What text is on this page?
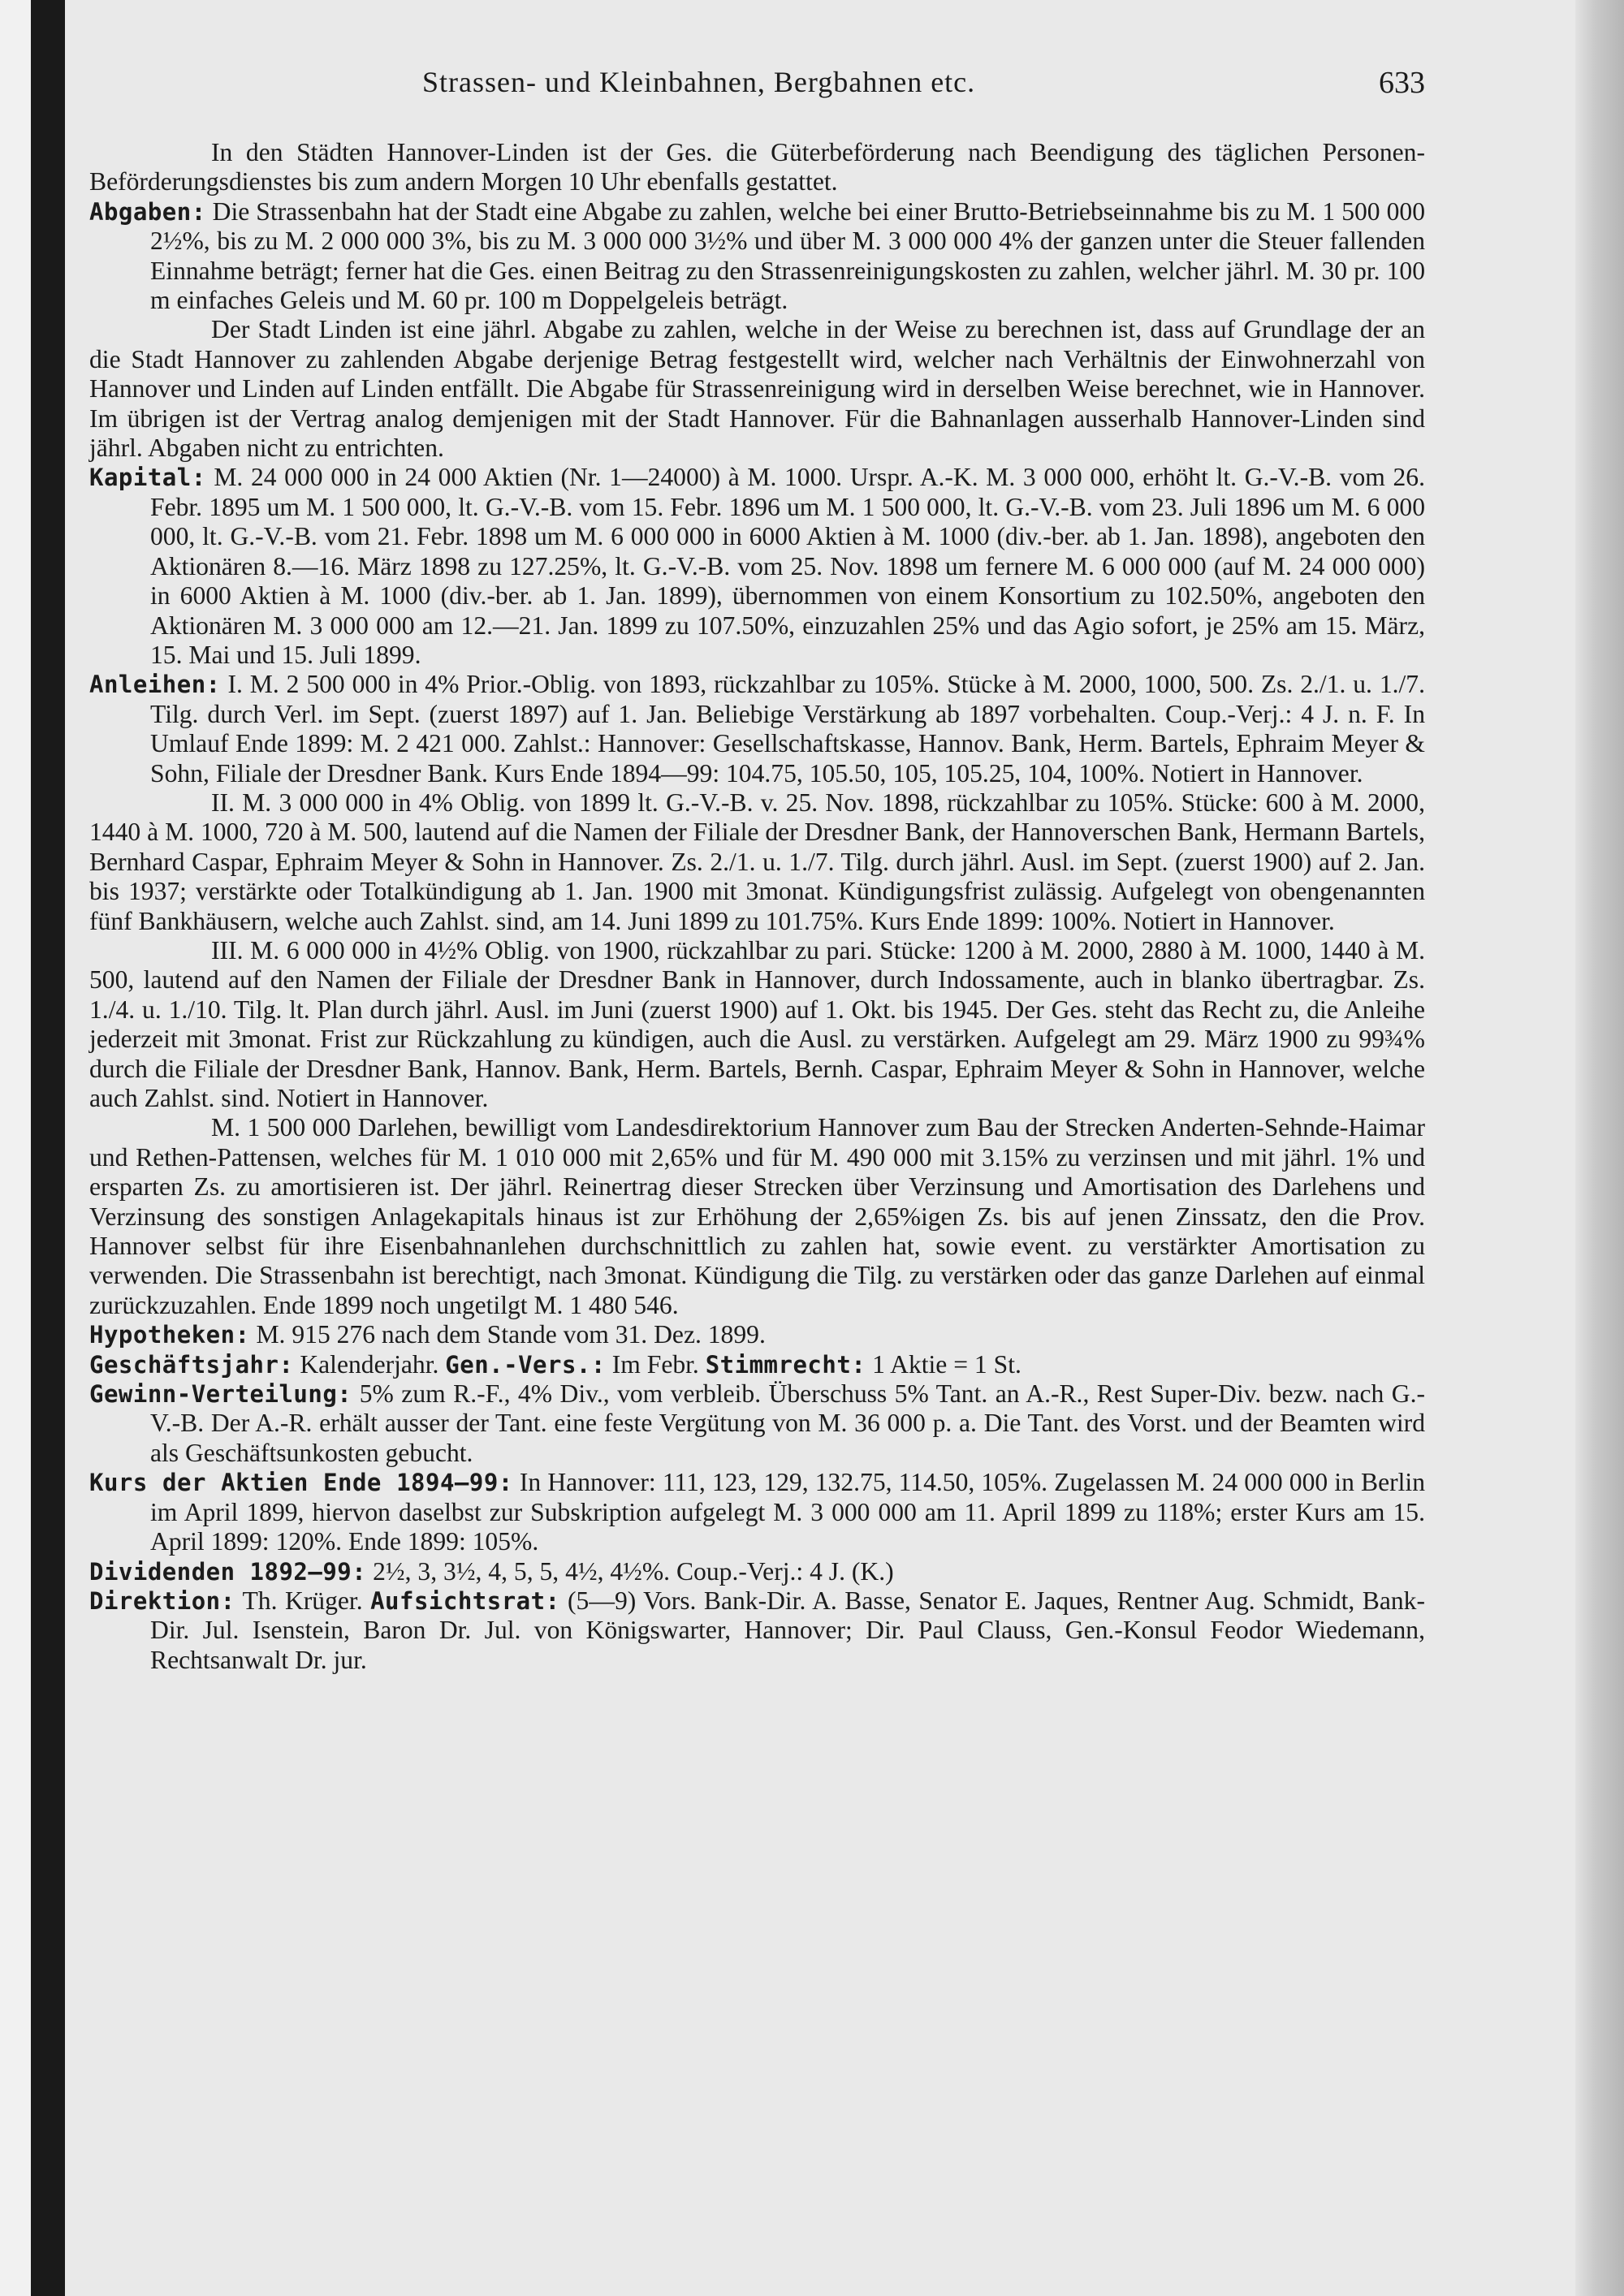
Strassen- und Kleinbahnen, Bergbahnen etc.	633

In den Städten Hannover-Linden ist der Ges. die Güterbeförderung nach Beendigung des täglichen Personen-Beförderungsdienstes bis zum andern Morgen 10 Uhr ebenfalls gestattet.

Abgaben: Die Strassenbahn hat der Stadt eine Abgabe zu zahlen, welche bei einer Brutto-Betriebseinnahme bis zu M. 1 500 000 2½%, bis zu M. 2 000 000 3%, bis zu M. 3 000 000 3½% und über M. 3 000 000 4% der ganzen unter die Steuer fallenden Einnahme beträgt; ferner hat die Ges. einen Beitrag zu den Strassenreinigungskosten zu zahlen, welcher jährl. M. 30 pr. 100 m einfaches Geleis und M. 60 pr. 100 m Doppelgeleis beträgt.

Der Stadt Linden ist eine jährl. Abgabe zu zahlen, welche in der Weise zu berechnen ist, dass auf Grundlage der an die Stadt Hannover zu zahlenden Abgabe derjenige Betrag festgestellt wird, welcher nach Verhältnis der Einwohnerzahl von Hannover und Linden auf Linden entfällt. Die Abgabe für Strassenreinigung wird in derselben Weise berechnet, wie in Hannover. Im übrigen ist der Vertrag analog demjenigen mit der Stadt Hannover. Für die Bahnanlagen ausserhalb Hannover-Linden sind jährl. Abgaben nicht zu entrichten.

Kapital: M. 24 000 000 in 24 000 Aktien (Nr. 1—24000) à M. 1000. Urspr. A.-K. M. 3 000 000, erhöht lt. G.-V.-B. vom 26. Febr. 1895 um M. 1 500 000, lt. G.-V.-B. vom 15. Febr. 1896 um M. 1 500 000, lt. G.-V.-B. vom 23. Juli 1896 um M. 6 000 000, lt. G.-V.-B. vom 21. Febr. 1898 um M. 6 000 000 in 6000 Aktien à M. 1000 (div.-ber. ab 1. Jan. 1898), angeboten den Aktionären 8.—16. März 1898 zu 127.25%, lt. G.-V.-B. vom 25. Nov. 1898 um fernere M. 6 000 000 (auf M. 24 000 000) in 6000 Aktien à M. 1000 (div.-ber. ab 1. Jan. 1899), übernommen von einem Konsortium zu 102.50%, angeboten den Aktionären M. 3 000 000 am 12.—21. Jan. 1899 zu 107.50%, einzuzahlen 25% und das Agio sofort, je 25% am 15. März, 15. Mai und 15. Juli 1899.

Anleihen: I. M. 2 500 000 in 4% Prior.-Oblig. von 1893, rückzahlbar zu 105%. Stücke à M. 2000, 1000, 500. Zs. 2./1. u. 1./7. Tilg. durch Verl. im Sept. (zuerst 1897) auf 1. Jan. Beliebige Verstärkung ab 1897 vorbehalten. Coup.-Verj.: 4 J. n. F. In Umlauf Ende 1899: M. 2 421 000. Zahlst.: Hannover: Gesellschaftskasse, Hannov. Bank, Herm. Bartels, Ephraim Meyer & Sohn, Filiale der Dresdner Bank. Kurs Ende 1894—99: 104.75, 105.50, 105, 105.25, 104, 100%. Notiert in Hannover.

II. M. 3 000 000 in 4% Oblig. von 1899 lt. G.-V.-B. v. 25. Nov. 1898, rückzahlbar zu 105%. Stücke: 600 à M. 2000, 1440 à M. 1000, 720 à M. 500, lautend auf die Namen der Filiale der Dresdner Bank, der Hannoverschen Bank, Hermann Bartels, Bernhard Caspar, Ephraim Meyer & Sohn in Hannover. Zs. 2./1. u. 1./7. Tilg. durch jährl. Ausl. im Sept. (zuerst 1900) auf 2. Jan. bis 1937; verstärkte oder Totalkündigung ab 1. Jan. 1900 mit 3monat. Kündigungsfrist zulässig. Aufgelegt von obengenannten fünf Bankhäusern, welche auch Zahlst. sind, am 14. Juni 1899 zu 101.75%. Kurs Ende 1899: 100%. Notiert in Hannover.

III. M. 6 000 000 in 4½% Oblig. von 1900, rückzahlbar zu pari. Stücke: 1200 à M. 2000, 2880 à M. 1000, 1440 à M. 500, lautend auf den Namen der Filiale der Dresdner Bank in Hannover, durch Indossamente, auch in blanko übertragbar. Zs. 1./4. u. 1./10. Tilg. lt. Plan durch jährl. Ausl. im Juni (zuerst 1900) auf 1. Okt. bis 1945. Der Ges. steht das Recht zu, die Anleihe jederzeit mit 3monat. Frist zur Rückzahlung zu kündigen, auch die Ausl. zu verstärken. Aufgelegt am 29. März 1900 zu 99¾% durch die Filiale der Dresdner Bank, Hannov. Bank, Herm. Bartels, Bernh. Caspar, Ephraim Meyer & Sohn in Hannover, welche auch Zahlst. sind. Notiert in Hannover.

M. 1 500 000 Darlehen, bewilligt vom Landesdirektorium Hannover zum Bau der Strecken Anderten-Sehnde-Haimar und Rethen-Pattensen, welches für M. 1 010 000 mit 2,65% und für M. 490 000 mit 3.15% zu verzinsen und mit jährl. 1% und ersparten Zs. zu amortisieren ist. Der jährl. Reinertrag dieser Strecken über Verzinsung und Amortisation des Darlehens und Verzinsung des sonstigen Anlagekapitals hinaus ist zur Erhöhung der 2,65%igen Zs. bis auf jenen Zinssatz, den die Prov. Hannover selbst für ihre Eisenbahnanlehen durchschnittlich zu zahlen hat, sowie event. zu verstärkter Amortisation zu verwenden. Die Strassenbahn ist berechtigt, nach 3monat. Kündigung die Tilg. zu verstärken oder das ganze Darlehen auf einmal zurückzuzahlen. Ende 1899 noch ungetilgt M. 1 480 546.

Hypotheken: M. 915 276 nach dem Stande vom 31. Dez. 1899.

Geschäftsjahr: Kalenderjahr. Gen.-Vers.: Im Febr. Stimmrecht: 1 Aktie = 1 St.

Gewinn-Verteilung: 5% zum R.-F., 4% Div., vom verbleib. Überschuss 5% Tant. an A.-R., Rest Super-Div. bezw. nach G.-V.-B. Der A.-R. erhält ausser der Tant. eine feste Vergütung von M. 36 000 p. a. Die Tant. des Vorst. und der Beamten wird als Geschäftsunkosten gebucht.

Kurs der Aktien Ende 1894—99: In Hannover: 111, 123, 129, 132.75, 114.50, 105%. Zugelassen M. 24 000 000 in Berlin im April 1899, hiervon daselbst zur Subskription aufgelegt M. 3 000 000 am 11. April 1899 zu 118%; erster Kurs am 15. April 1899: 120%. Ende 1899: 105%.

Dividenden 1892—99: 2½, 3, 3½, 4, 5, 5, 4½, 4½%. Coup.-Verj.: 4 J. (K.)

Direktion: Th. Krüger. Aufsichtsrat: (5—9) Vors. Bank-Dir. A. Basse, Senator E. Jaques, Rentner Aug. Schmidt, Bank-Dir. Jul. Isenstein, Baron Dr. Jul. von Königswarter, Hannover; Dir. Paul Clauss, Gen.-Konsul Feodor Wiedemann, Rechtsanwalt Dr. jur.
